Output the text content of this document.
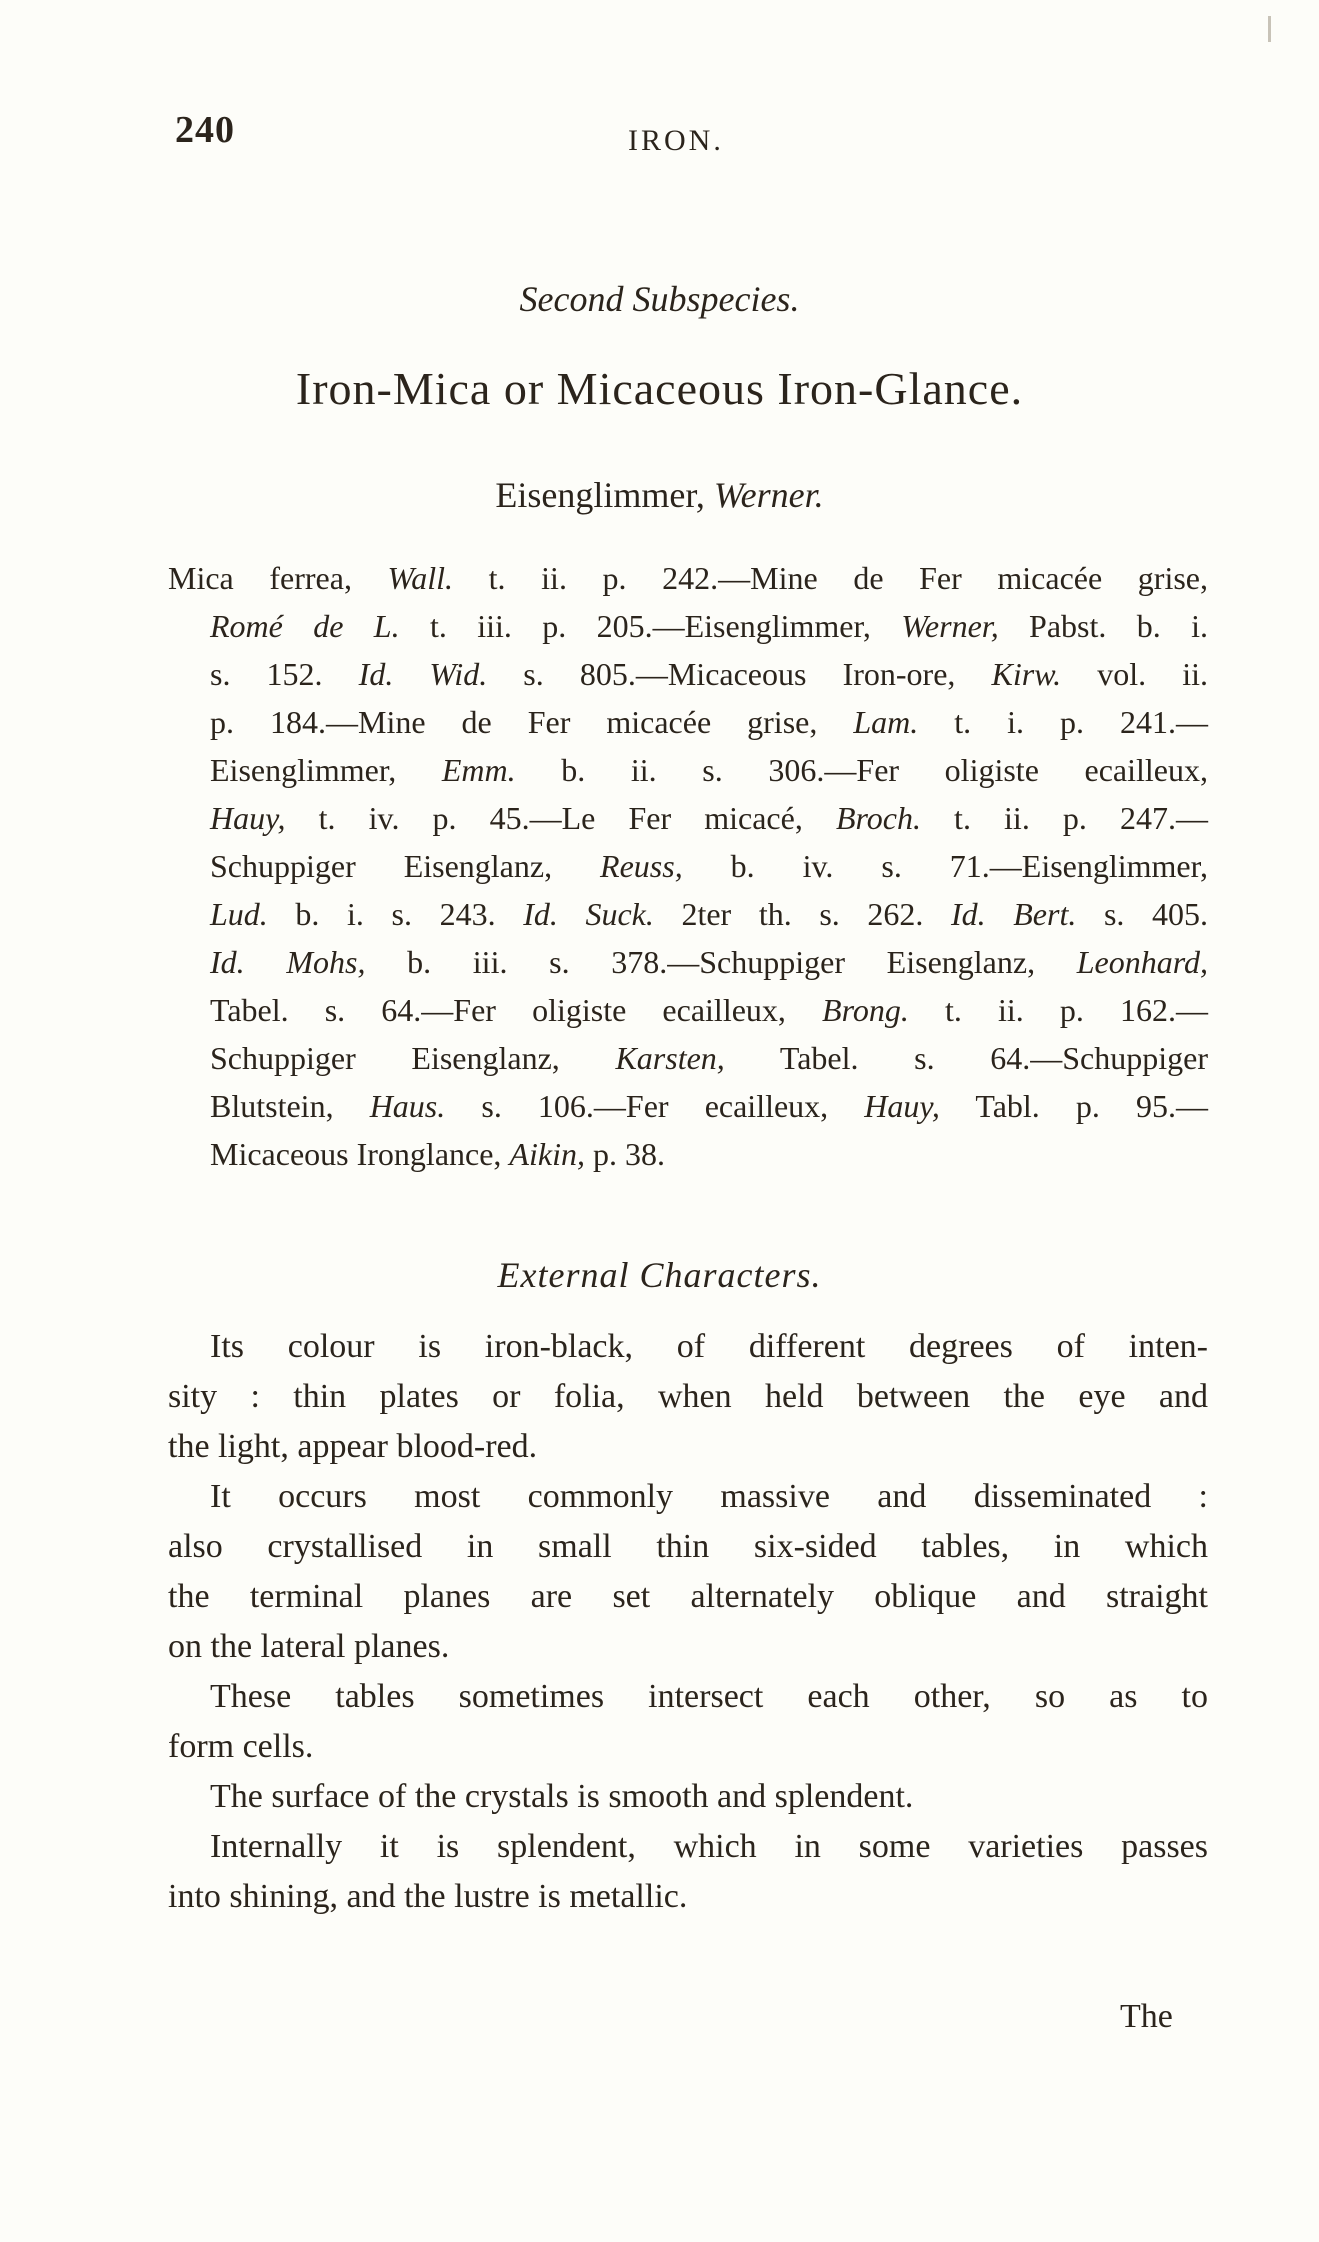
240	IRON.
Second Subspecies.
Iron-Mica or Micaceous Iron-Glance.
Eisenglimmer, Werner.
Mica ferrea, Wall. t. ii. p. 242.—Mine de Fer micacée grise,
Romé de L. t. iii. p. 205.—Eisenglimmer, Werner, Pabst. b. i.
s. 152. Id. Wid. s. 805.—Micaceous Iron-ore, Kirw. vol. ii.
p. 184.—Mine de Fer micacée grise, Lam. t. i. p. 241.—
Eisenglimmer, Emm. b. ii. s. 306.—Fer oligiste ecailleux,
Hauy, t. iv. p. 45.—Le Fer micacé, Broch. t. ii. p. 247.—
Schuppiger Eisenglanz, Reuss, b. iv. s. 71.—Eisenglimmer,
Lud. b. i. s. 243. Id. Suck. 2ter th. s. 262. Id. Bert. s. 405.
Id. Mohs, b. iii. s. 378.—Schuppiger Eisenglanz, Leonhard,
Tabel. s. 64.—Fer oligiste ecailleux, Brong. t. ii. p. 162.—
Schuppiger Eisenglanz, Karsten, Tabel. s. 64.—Schuppiger
Blutstein, Haus. s. 106.—Fer ecailleux, Hauy, Tabl. p. 95.—
Micaceous Ironglance, Aikin, p. 38.
External Characters.
Its colour is iron-black, of different degrees of inten-
sity : thin plates or folia, when held between the eye and
the light, appear blood-red.
It occurs most commonly massive and disseminated :
also crystallised in small thin six-sided tables, in which
the terminal planes are set alternately oblique and straight
on the lateral planes.
These tables sometimes intersect each other, so as to
form cells.
The surface of the crystals is smooth and splendent.
Internally it is splendent, which in some varieties passes
into shining, and the lustre is metallic.
The
